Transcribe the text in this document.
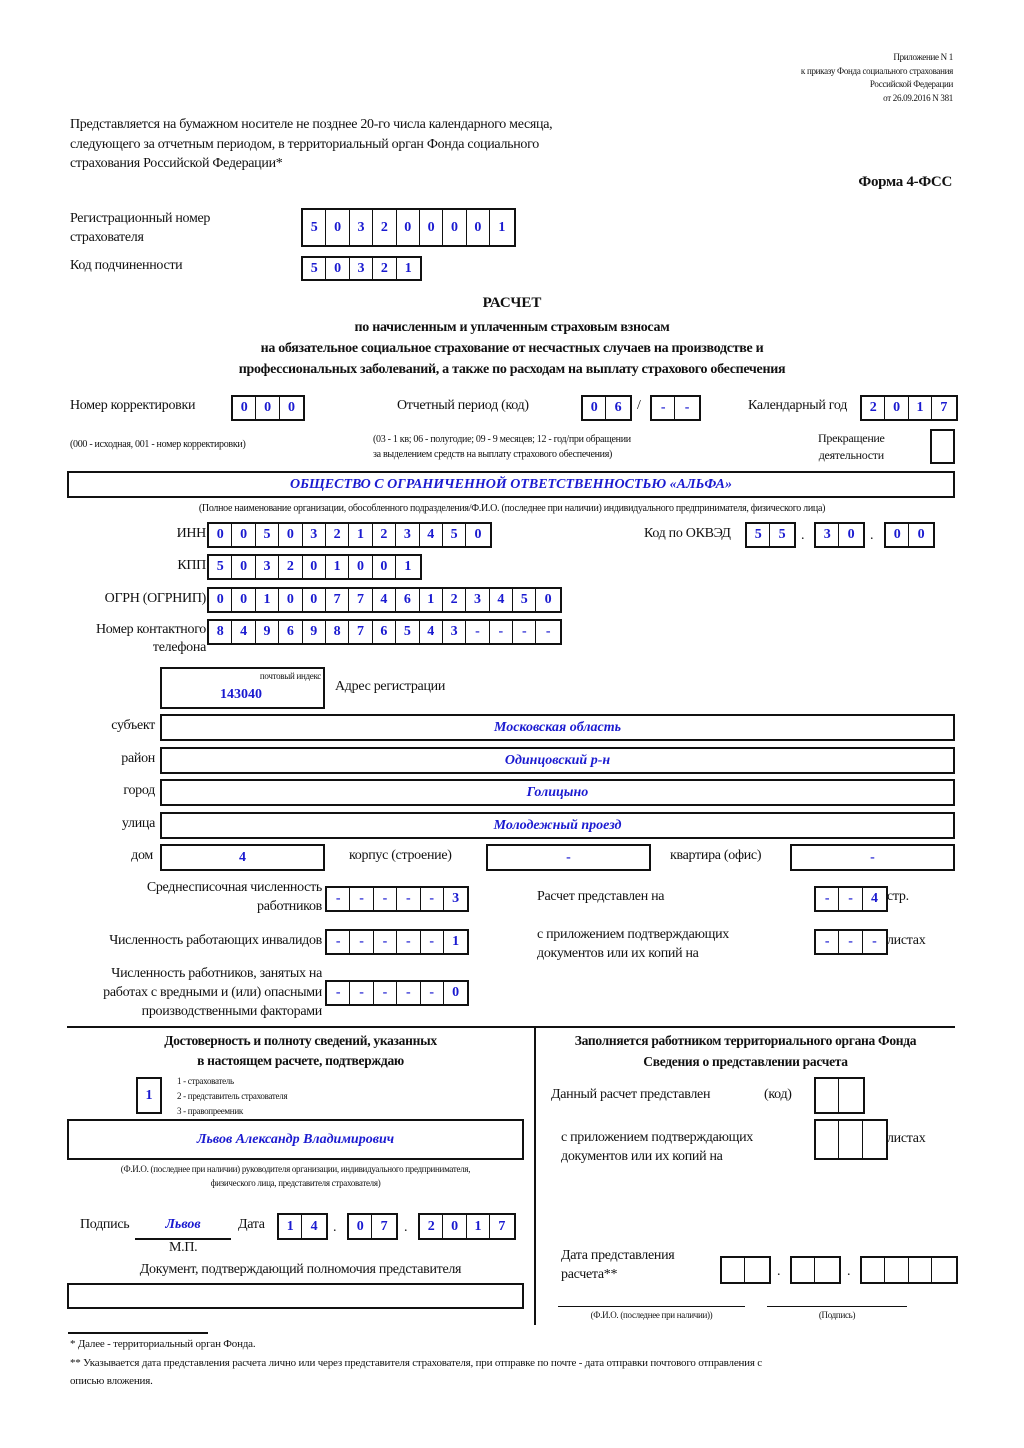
Приложение N 1
к приказу Фонда социального страхования
Российской Федерации
от 26.09.2016 N 381
Представляется на бумажном носителе не позднее 20-го числа календарного месяца,
следующего за отчетным периодом, в территориальный орган Фонда социального
страхования Российской Федерации*
Форма 4-ФСС
Регистрационный номер
страхователя
5	0	3	2	0	0	0	0	1
Код подчиненности	5	0	3	2	1
РАСЧЕТ
по начисленным и уплаченным страховым взносам
на обязательное социальное страхование от несчастных случаев на производстве и
профессиональных заболеваний, а также по расходам на выплату страхового обеспечения
Номер корректировки	0	0	0
(000 - исходная, 001 - номер корректировки)
Отчетный период (код)	0	6	/	-	-
(03 - 1 кв; 06 - полугодие; 09 - 9 месяцев; 12 - год/при обращении
за выделением средств на выплату страхового обеспечения)
Календарный год	2	0	1	7
Прекращение
деятельности
ОБЩЕСТВО С ОГРАНИЧЕННОЙ ОТВЕТСТВЕННОСТЬЮ «АЛЬФА»
(Полное наименование организации, обособленного подразделения/Ф.И.О. (последнее при наличии) индивидуального предпринимателя, физического лица)
ИНН 0	0	5	0	3	2	1	2	3	4	5	0	Код по ОКВЭД	5	5	.	3	0	.	0	0
КПП 5	0	3	2	0	1	0	0	1
ОГРН (ОГРНИП) 0	0	1	0	0	7	7	4	6	1	2	3	4	5	0
Номер контактного
телефона
8	4	9	6	9	8	7	6	5	4	3	-	-	-	-
почтовый индекс
143040
Адрес регистрации
субъект	Московская область
район	Одинцовский р-н
город	Голицыно
улица	Молодежный проезд
дом	4	корпус (строение)	-	квартира (офис)	-
Среднесписочная численность
работников
-	-	-	-	-	3
Численность работающих инвалидов -	-	-	-	-	1
Численность работников, занятых на
работах с вредными и (или) опасными
производственными факторами
-	-	-	-	-	0
Расчет представлен на	-	-	4 стр.
с приложением подтверждающих
документов или их копий на
-	-	- листах
Достоверность и полноту сведений, указанных
в настоящем расчете, подтверждаю
1
1 - страхователь
2 - представитель страхователя
3 - правопреемник
Львов Александр Владимирович
(Ф.И.О. (последнее при наличии) руководителя организации, индивидуального предпринимателя,
физического лица, представителя страхователя)
Подпись	Львов	Дата	1	4	.	0	7	.	2	0	1	7
М.П.
Документ, подтверждающий полномочия представителя
Заполняется работником территориального органа Фонда
Сведения о представлении расчета
Данный расчет представлен	(код)
с приложением подтверждающих
документов или их копий на
листах
Дата представления
расчета**	.	.
(Ф.И.О. (последнее при наличии))	(Подпись)
* Далее - территориальный орган Фонда.
** Указывается дата представления расчета лично или через представителя страхователя, при отправке по почте - дата отправки почтового отправления с
описью вложения.
